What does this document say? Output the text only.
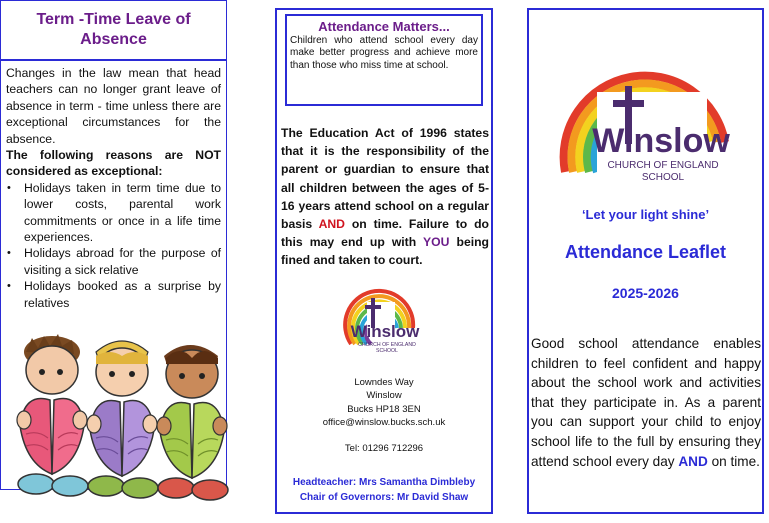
Term -Time Leave of Absence

Changes in the law mean that head teachers can no longer grant leave of absence in term - time unless there are exceptional circumstances for the absence.

The following reasons are NOT considered as exceptional:

• Holidays taken in term time due to lower costs, parental work commitments or once in a life time experiences.
• Holidays abroad for the purpose of visiting a sick relative
• Holidays booked as a surprise by relatives
Attendance Matters...
Children who attend school every day make better progress and achieve more than those who miss time at school.
The Education Act of 1996 states that it is the responsibility of the parent or guardian to ensure that all children between the ages of 5-16 years attend school on a regular basis AND on time. Failure to do this may end up with YOU being fined and taken to court.
Winslow
CHURCH OF ENGLAND
SCHOOL
Lowndes Way
Winslow
Bucks HP18 3EN
office@winslow.bucks.sch.uk
Tel: 01296 712296
Headteacher: Mrs Samantha Dimbleby
Chair of Governors: Mr David Shaw
Winslow
CHURCH OF ENGLAND
SCHOOL
‘Let your light shine’
Attendance Leaflet
2025-2026
Good school attendance enables children to feel confident and happy about the school work and activities that they participate in. As a parent you can support your child to enjoy school life to the full by ensuring they attend school every day AND on time.
